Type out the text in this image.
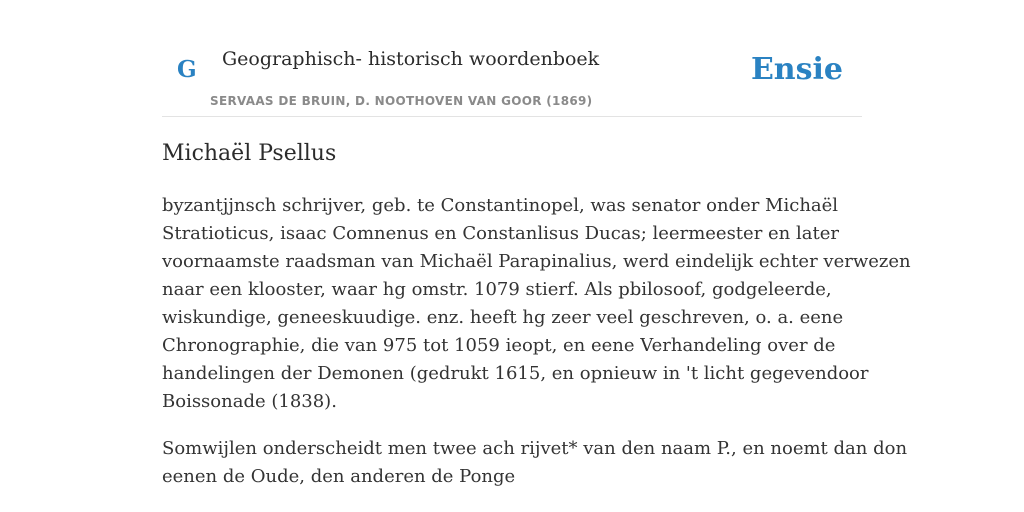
G Geographisch- historisch woordenboek
SERVAAS DE BRUIN, D. NOOTHOVEN VAN GOOR (1869)
Ensie
Michaël Psellus

byzantjjnsch schrijver, geb. te Constantinopel, was senator onder Michaël
Stratioticus, isaac Comnenus en Constanlisus Ducas; leermeester en later
voornaamste raadsman van Michaël Parapinalius, werd eindelijk echter verwezen
naar een klooster, waar hg omstr. 1079 stierf. Als pbilosoof, godgeleerde,
wiskundige, geneeskuudige. enz. heeft hg zeer veel geschreven, o. a. eene
Chronographie, die van 975 tot 1059 ieopt, en eene Verhandeling over de
handelingen der Demonen (gedrukt 1615, en opnieuw in 't licht gegevendoor
Boissonade (1838).

Somwijlen onderscheidt men twee ach rijvet* van den naam P., en noemt dan don
eenen de Oude, den anderen de Ponge
